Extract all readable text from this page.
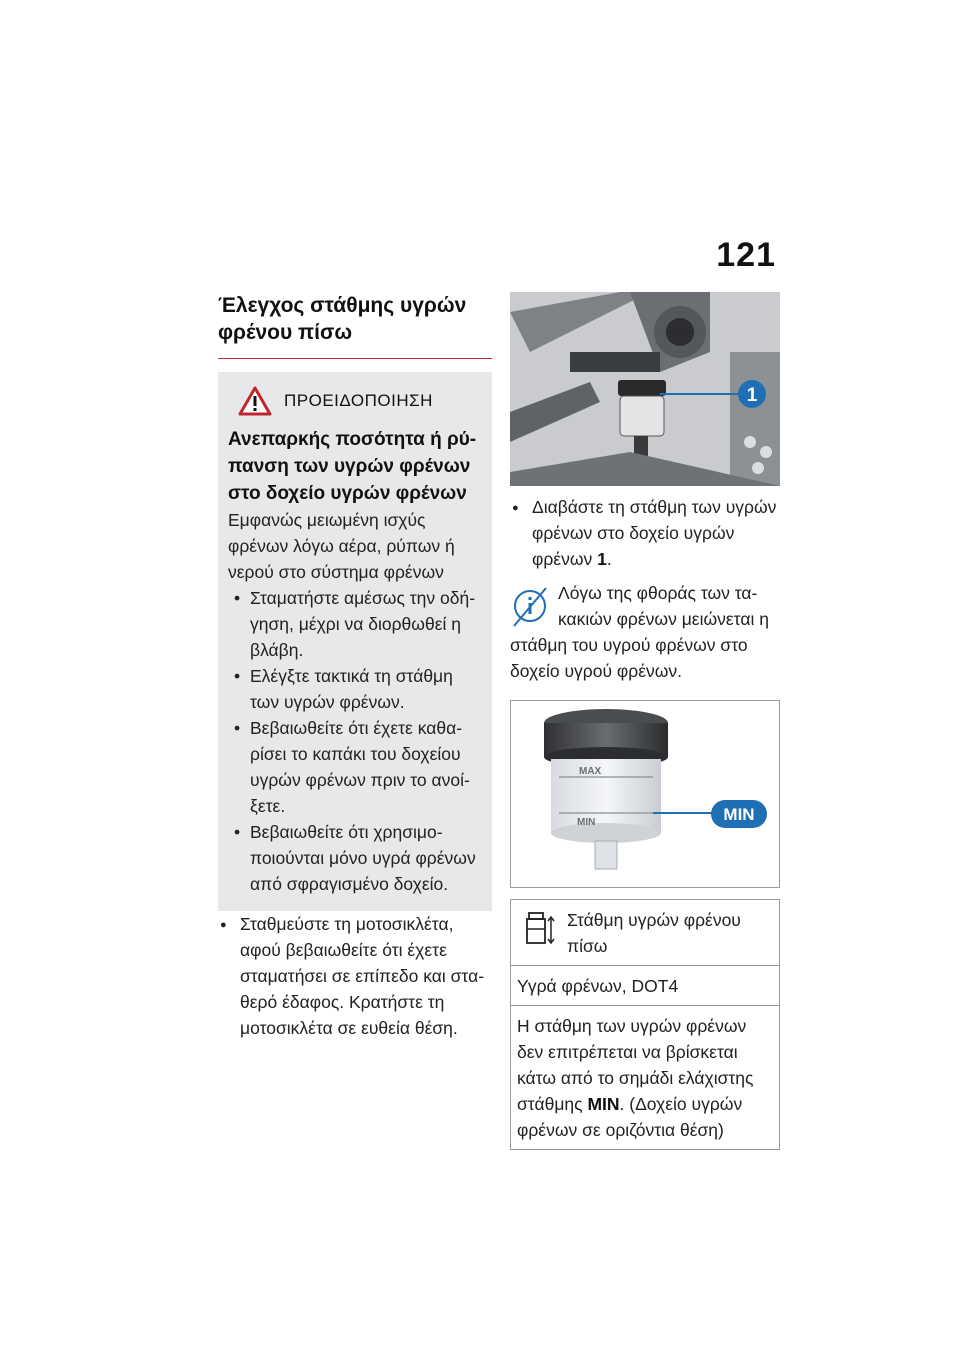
121
Έλεγχος στάθμης υγρών φρένου πίσω
ΠΡΟΕΙΔΟΠΟΙΗΣΗ
Ανεπαρκής ποσότητα ή ρύ-πανση των υγρών φρένων στο δοχείο υγρών φρένων
Εμφανώς μειωμένη ισχύς φρένων λόγω αέρα, ρύπων ή νερού στο σύστημα φρένων
• Σταματήστε αμέσως την οδή-γηση, μέχρι να διορθωθεί η βλάβη.
• Ελέγξτε τακτικά τη στάθμη των υγρών φρένων.
• Βεβαιωθείτε ότι έχετε καθα-ρίσει το καπάκι του δοχείου υγρών φρένων πριν το ανοί-ξετε.
• Βεβαιωθείτε ότι χρησιμο-ποιούνται μόνο υγρά φρένων από σφραγισμένο δοχείο.
● Σταθμεύστε τη μοτοσικλέτα, αφού βεβαιωθείτε ότι έχετε σταματήσει σε επίπεδο και στα-θερό έδαφος. Κρατήστε τη μοτοσικλέτα σε ευθεία θέση.
1
● Διαβάστε τη στάθμη των υγρών φρένων στο δοχείο υγρών φρένων 1.
Λόγω της φθοράς των τα-κακιών φρένων μειώνεται η
στάθμη του υγρού φρένων στο δοχείο υγρού φρένων.
MAX
MIN	MIN
Στάθμη υγρών φρένου πίσω

Υγρά φρένων, DOT4
Η στάθμη των υγρών φρένων δεν επιτρέπεται να βρίσκεται κάτω από το σημάδι ελάχιστης στάθμης MIN. (Δοχείο υγρών φρένων σε οριζόντια θέση)
